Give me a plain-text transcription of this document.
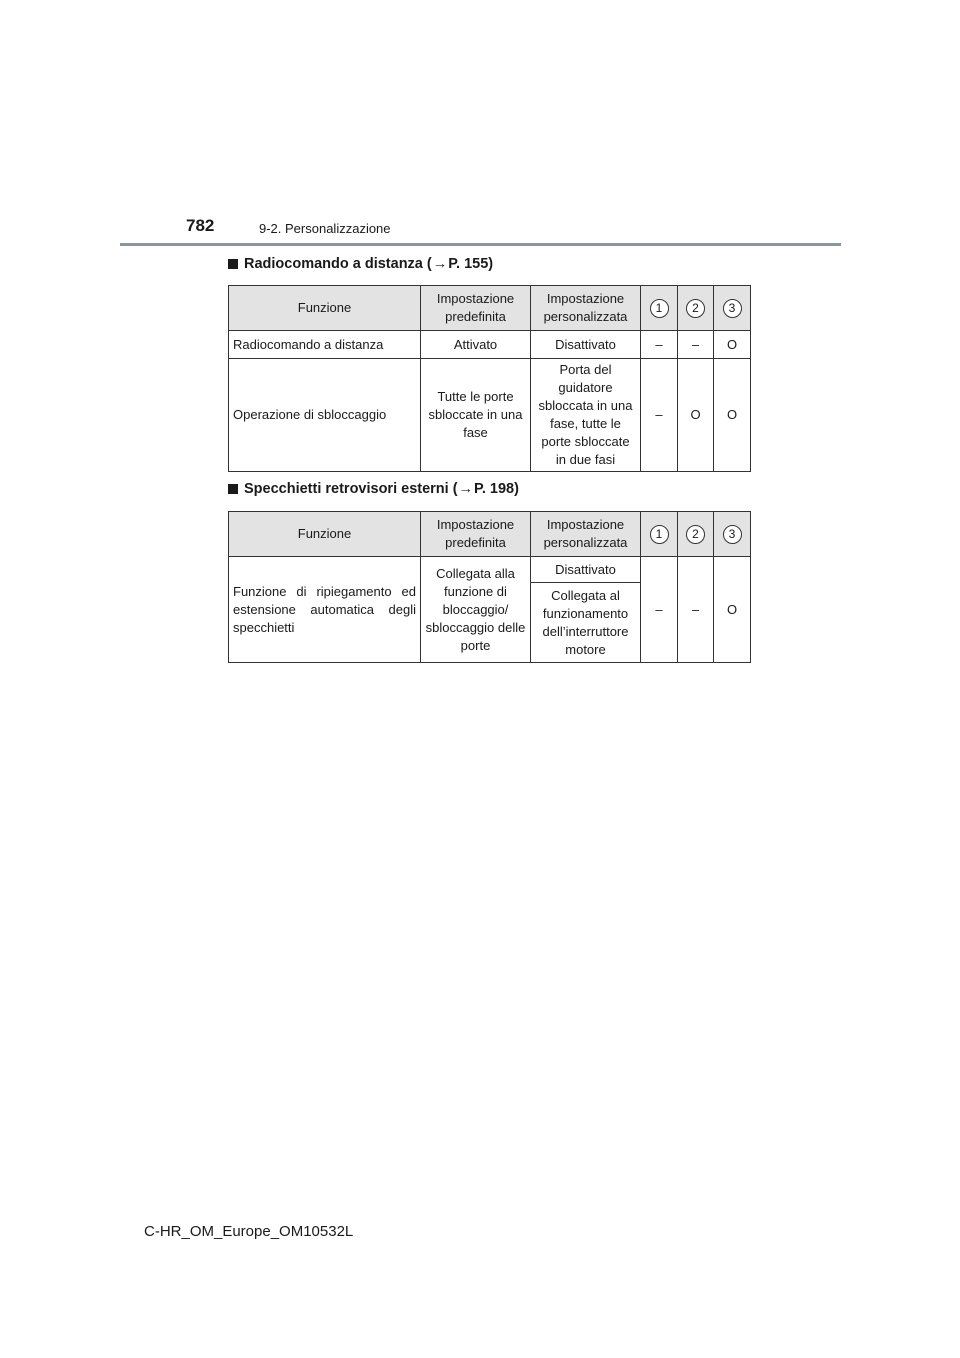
782	9-2. Personalizzazione
Radiocomando a distanza ( → P. 155)
Funzione	Impostazione predefinita	Impostazione personalizzata	1	2	3
Radiocomando a distanza	Attivato	Disattivato	–	–	O
Operazione di sbloccaggio	Tutte le porte sbloccate in una fase	Porta del guidatore sbloccata in una fase, tutte le porte sbloccate in due fasi	–	O	O
Specchietti retrovisori esterni ( → P. 198)
Funzione	Impostazione predefinita	Impostazione personalizzata	1	2	3
Funzione di ripiegamento ed estensione automatica degli specchietti	Collegata alla funzione di bloccaggio/ sbloccaggio delle porte	Disattivato	–	–	O
		Collegata al funzionamento dell’interruttore motore			
C-HR_OM_Europe_OM10532L
